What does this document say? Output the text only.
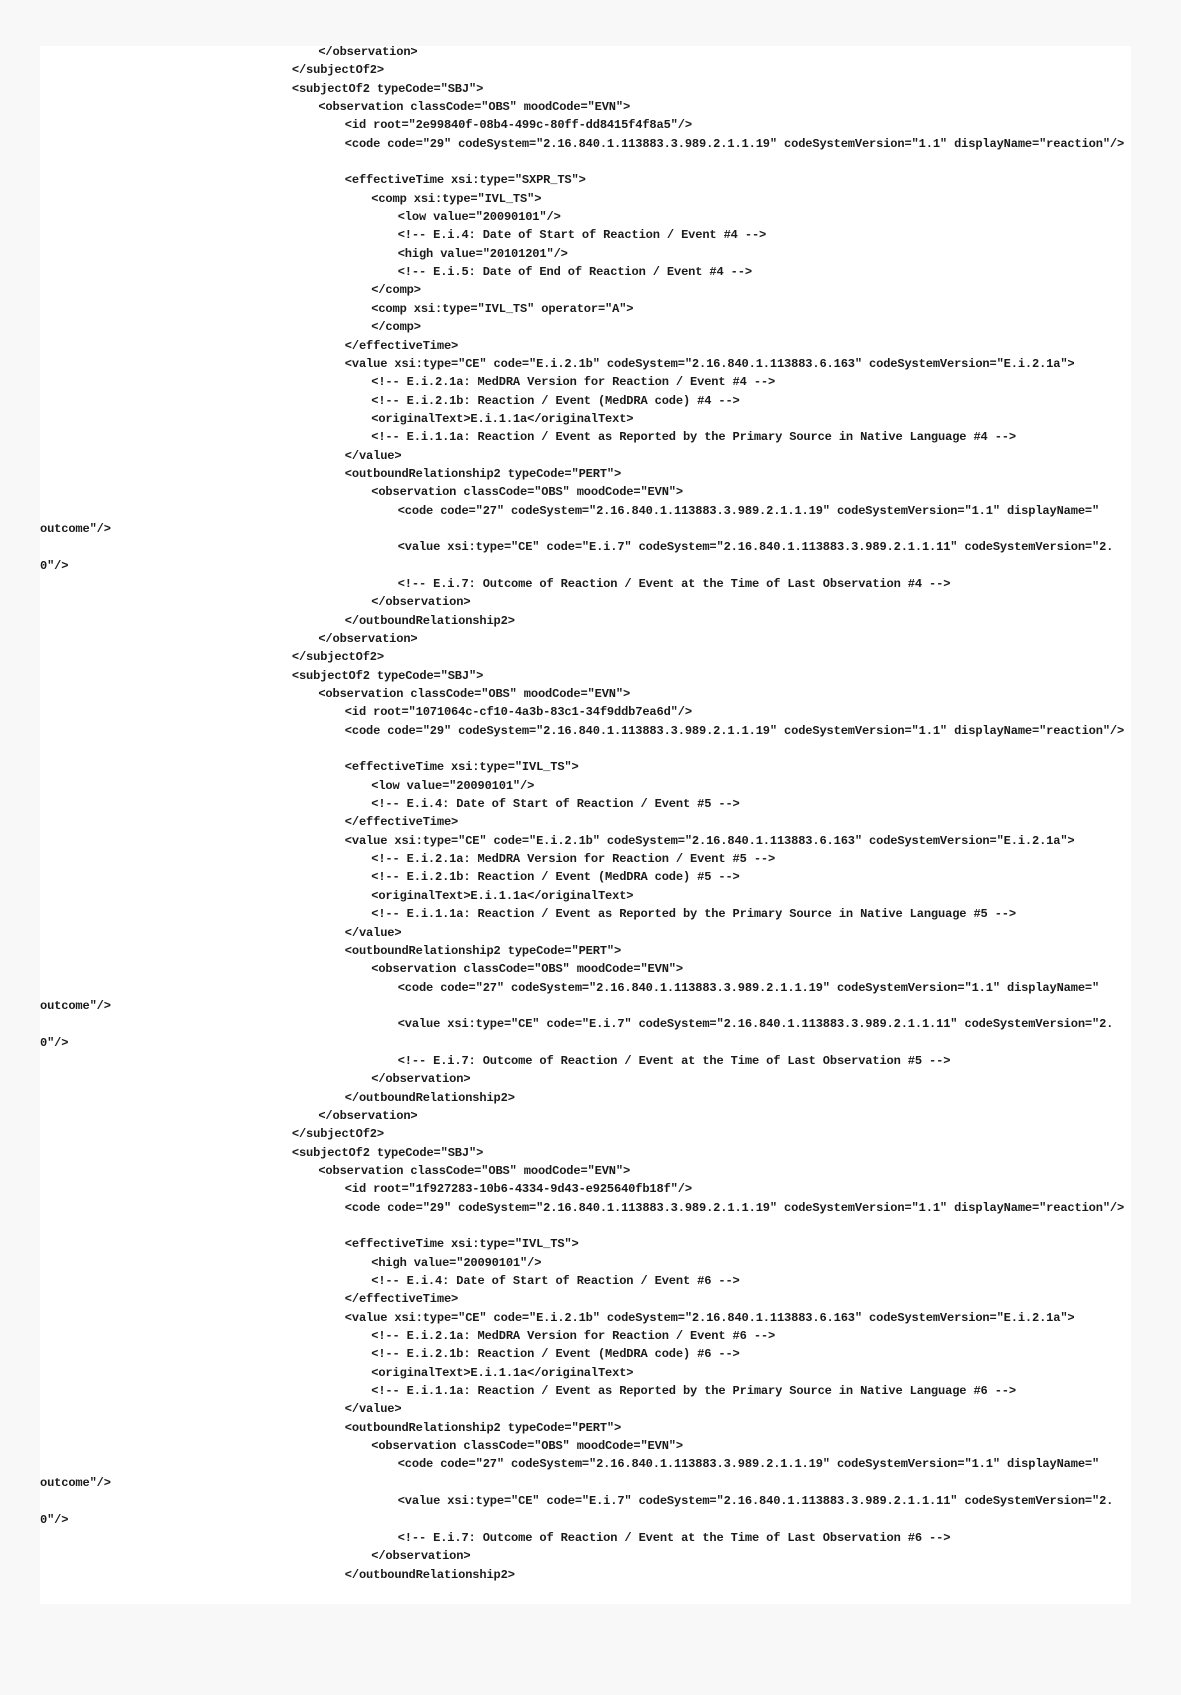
</observation>
</subjectOf2>
<subjectOf2 typeCode="SBJ">
<observation classCode="OBS" moodCode="EVN">
<id root="2e99840f-08b4-499c-80ff-dd8415f4f8a5"/>
<code code="29" codeSystem="2.16.840.1.113883.3.989.2.1.1.19" codeSystemVersion="1.1" displayName="reaction"/>
<effectiveTime xsi:type="SXPR_TS">
<comp xsi:type="IVL_TS">
<low value="20090101"/>
<!-- E.i.4: Date of Start of Reaction / Event #4 -->
<high value="20101201"/>
<!-- E.i.5: Date of End of Reaction / Event #4 -->
</comp>
<comp xsi:type="IVL_TS" operator="A">
</comp>
</effectiveTime>
<value xsi:type="CE" code="E.i.2.1b" codeSystem="2.16.840.1.113883.6.163" codeSystemVersion="E.i.2.1a">
<!-- E.i.2.1a: MedDRA Version for Reaction / Event #4 -->
<!-- E.i.2.1b: Reaction / Event (MedDRA code) #4 -->
<originalText>E.i.1.1a</originalText>
<!-- E.i.1.1a: Reaction / Event as Reported by the Primary Source in Native Language #4 -->
</value>
<outboundRelationship2 typeCode="PERT">
<observation classCode="OBS" moodCode="EVN">
<code code="27" codeSystem="2.16.840.1.113883.3.989.2.1.1.19" codeSystemVersion="1.1" displayName="
outcome"/>
<value xsi:type="CE" code="E.i.7" codeSystem="2.16.840.1.113883.3.989.2.1.1.11" codeSystemVersion="2.
0"/>
<!-- E.i.7: Outcome of Reaction / Event at the Time of Last Observation #4 -->
</observation>
</outboundRelationship2>
</observation>
</subjectOf2>
<subjectOf2 typeCode="SBJ">
<observation classCode="OBS" moodCode="EVN">
<id root="1071064c-cf10-4a3b-83c1-34f9ddb7ea6d"/>
<code code="29" codeSystem="2.16.840.1.113883.3.989.2.1.1.19" codeSystemVersion="1.1" displayName="reaction"/>
<effectiveTime xsi:type="IVL_TS">
<low value="20090101"/>
<!-- E.i.4: Date of Start of Reaction / Event #5 -->
</effectiveTime>
<value xsi:type="CE" code="E.i.2.1b" codeSystem="2.16.840.1.113883.6.163" codeSystemVersion="E.i.2.1a">
<!-- E.i.2.1a: MedDRA Version for Reaction / Event #5 -->
<!-- E.i.2.1b: Reaction / Event (MedDRA code) #5 -->
<originalText>E.i.1.1a</originalText>
<!-- E.i.1.1a: Reaction / Event as Reported by the Primary Source in Native Language #5 -->
</value>
<outboundRelationship2 typeCode="PERT">
<observation classCode="OBS" moodCode="EVN">
<code code="27" codeSystem="2.16.840.1.113883.3.989.2.1.1.19" codeSystemVersion="1.1" displayName="
outcome"/>
<value xsi:type="CE" code="E.i.7" codeSystem="2.16.840.1.113883.3.989.2.1.1.11" codeSystemVersion="2.
0"/>
<!-- E.i.7: Outcome of Reaction / Event at the Time of Last Observation #5 -->
</observation>
</outboundRelationship2>
</observation>
</subjectOf2>
<subjectOf2 typeCode="SBJ">
<observation classCode="OBS" moodCode="EVN">
<id root="1f927283-10b6-4334-9d43-e925640fb18f"/>
<code code="29" codeSystem="2.16.840.1.113883.3.989.2.1.1.19" codeSystemVersion="1.1" displayName="reaction"/>
<effectiveTime xsi:type="IVL_TS">
<high value="20090101"/>
<!-- E.i.4: Date of Start of Reaction / Event #6 -->
</effectiveTime>
<value xsi:type="CE" code="E.i.2.1b" codeSystem="2.16.840.1.113883.6.163" codeSystemVersion="E.i.2.1a">
<!-- E.i.2.1a: MedDRA Version for Reaction / Event #6 -->
<!-- E.i.2.1b: Reaction / Event (MedDRA code) #6 -->
<originalText>E.i.1.1a</originalText>
<!-- E.i.1.1a: Reaction / Event as Reported by the Primary Source in Native Language #6 -->
</value>
<outboundRelationship2 typeCode="PERT">
<observation classCode="OBS" moodCode="EVN">
<code code="27" codeSystem="2.16.840.1.113883.3.989.2.1.1.19" codeSystemVersion="1.1" displayName="
outcome"/>
<value xsi:type="CE" code="E.i.7" codeSystem="2.16.840.1.113883.3.989.2.1.1.11" codeSystemVersion="2.
0"/>
<!-- E.i.7: Outcome of Reaction / Event at the Time of Last Observation #6 -->
</observation>
</outboundRelationship2>
